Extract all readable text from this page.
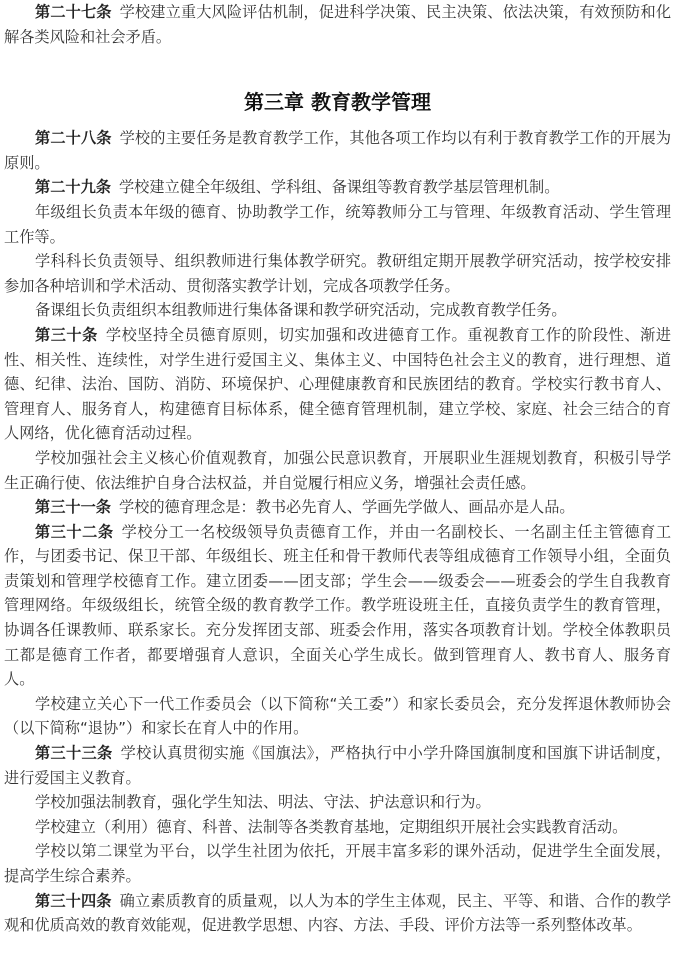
第二十七条 学校建立重大风险评估机制，促进科学决策、民主决策、依法决策，有效预防和化解各类风险和社会矛盾。

第三章 教育教学管理

第二十八条 学校的主要任务是教育教学工作，其他各项工作均以有利于教育教学工作的开展为原则。

第二十九条 学校建立健全年级组、学科组、备课组等教育教学基层管理机制。

年级组长负责本年级的德育、协助教学工作，统筹教师分工与管理、年级教育活动、学生管理工作等。

学科科长负责领导、组织教师进行集体教学研究。教研组定期开展教学研究活动，按学校安排参加各种培训和学术活动、贯彻落实教学计划，完成各项教学任务。

备课组长负责组织本组教师进行集体备课和教学研究活动，完成教育教学任务。

第三十条 学校坚持全员德育原则，切实加强和改进德育工作。重视教育工作的阶段性、渐进性、相关性、连续性，对学生进行爱国主义、集体主义、中国特色社会主义的教育，进行理想、道德、纪律、法治、国防、消防、环境保护、心理健康教育和民族团结的教育。学校实行教书育人、管理育人、服务育人，构建德育目标体系，健全德育管理机制，建立学校、家庭、社会三结合的育人网络，优化德育活动过程。

学校加强社会主义核心价值观教育，加强公民意识教育，开展职业生涯规划教育，积极引导学生正确行使、依法维护自身合法权益，并自觉履行相应义务，增强社会责任感。

第三十一条 学校的德育理念是：教书必先育人、学画先学做人、画品亦是人品。

第三十二条 学校分工一名校级领导负责德育工作，并由一名副校长、一名副主任主管德育工作，与团委书记、保卫干部、年级组长、班主任和骨干教师代表等组成德育工作领导小组，全面负责策划和管理学校德育工作。建立团委——团支部；学生会——级委会——班委会的学生自我教育管理网络。年级级组长，统管全级的教育教学工作。教学班设班主任，直接负责学生的教育管理，协调各任课教师、联系家长。充分发挥团支部、班委会作用，落实各项教育计划。学校全体教职员工都是德育工作者，都要增强育人意识，全面关心学生成长。做到管理育人、教书育人、服务育人。

学校建立关心下一代工作委员会（以下简称“关工委”）和家长委员会，充分发挥退休教师协会（以下简称“退协”）和家长在育人中的作用。

第三十三条 学校认真贯彻实施《国旗法》，严格执行中小学升降国旗制度和国旗下讲话制度，进行爱国主义教育。

学校加强法制教育，强化学生知法、明法、守法、护法意识和行为。

学校建立（利用）德育、科普、法制等各类教育基地，定期组织开展社会实践教育活动。

学校以第二课堂为平台，以学生社团为依托，开展丰富多彩的课外活动，促进学生全面发展，提高学生综合素养。

第三十四条 确立素质教育的质量观，以人为本的学生主体观，民主、平等、和谐、合作的教学观和优质高效的教育效能观，促进教学思想、内容、方法、手段、评价方法等一系列整体改革。
